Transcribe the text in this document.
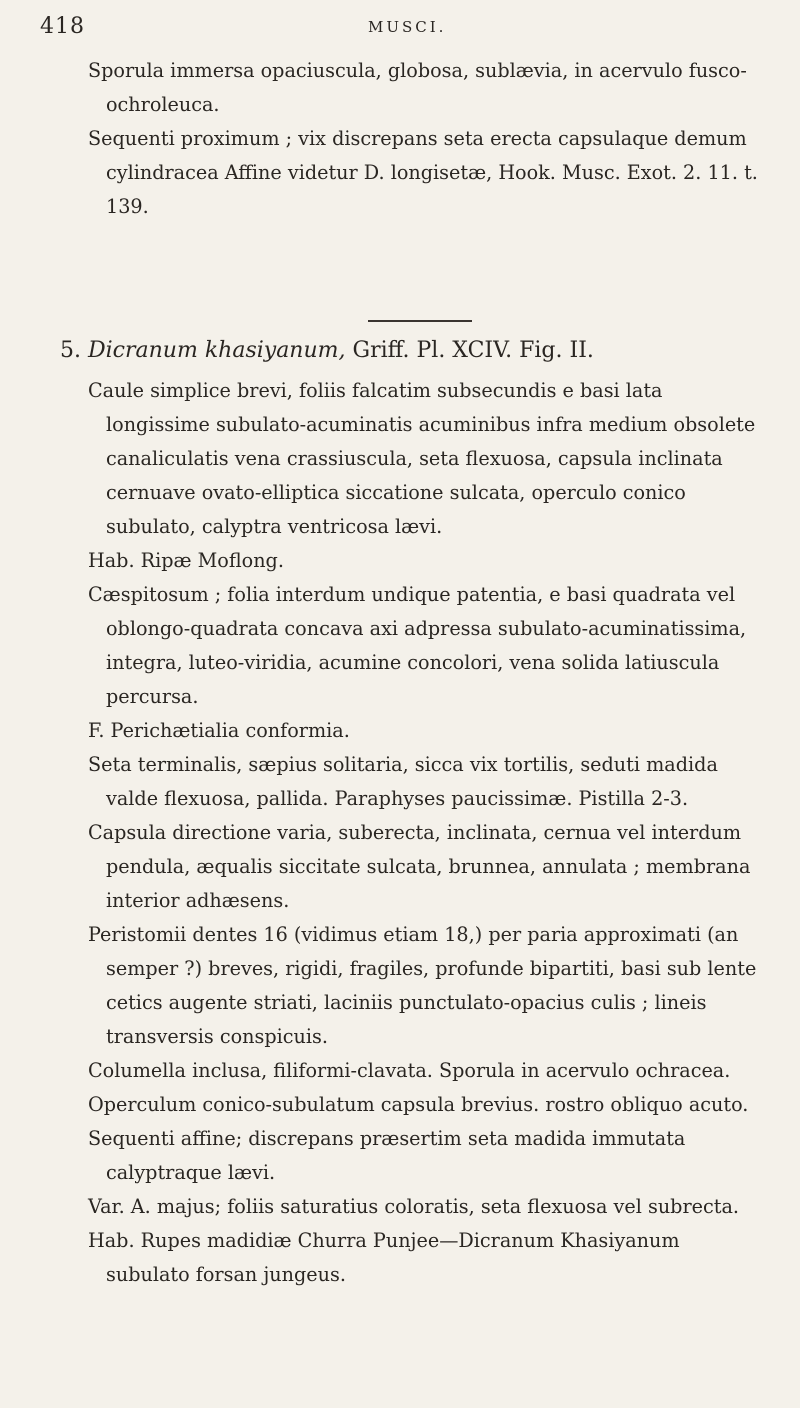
418	MUSCI.

Sporula immersa opaciuscula, globosa, sublævia, in acervulo fusco-ochroleuca.

Sequenti proximum ; vix discrepans seta erecta capsulaque demum cylindracea Affine videtur D. longisetæ, Hook. Musc. Exot. 2. 11. t. 139.

5. Dicranum khasiyanum, Griff. Pl. XCIV. Fig. II.

Caule simplice brevi, foliis falcatim subsecundis e basi lata longissime subulato-acuminatis acuminibus infra medium obsolete canaliculatis vena crassiuscula, seta flexuosa, capsula inclinata cernuave ovato-elliptica siccatione sulcata, operculo conico subulato, calyptra ventricosa lævi.

Hab. Ripæ Moflong.

Cæspitosum ; folia interdum undique patentia, e basi quadrata vel oblongo-quadrata concava axi adpressa subulato-acuminatissima, integra, luteo-viridia, acumine concolori, vena solida latiuscula percursa.

F. Perichætialia conformia.

Seta terminalis, sæpius solitaria, sicca vix tortilis, seduti madida valde flexuosa, pallida. Paraphyses paucissimæ. Pistilla 2-3.

Capsula directione varia, suberecta, inclinata, cernua vel interdum pendula, æqualis siccitate sulcata, brunnea, annulata ; membrana interior adhæsens.

Peristomii dentes 16 (vidimus etiam 18,) per paria approximati (an semper ?) breves, rigidi, fragiles, profunde bipartiti, basi sub lente cetics augente striati, laciniis punctulato-opacius culis ; lineis transversis conspicuis.

Columella inclusa, filiformi-clavata. Sporula in acervulo ochracea.

Operculum conico-subulatum capsula brevius. rostro obliquo acuto.

Sequenti affine; discrepans præsertim seta madida immutata calyptraque lævi.

Var. A. majus; foliis saturatius coloratis, seta flexuosa vel subrecta.

Hab. Rupes madidiæ Churra Punjee—Dicranum Khasiyanum subulato forsan jungeus.
